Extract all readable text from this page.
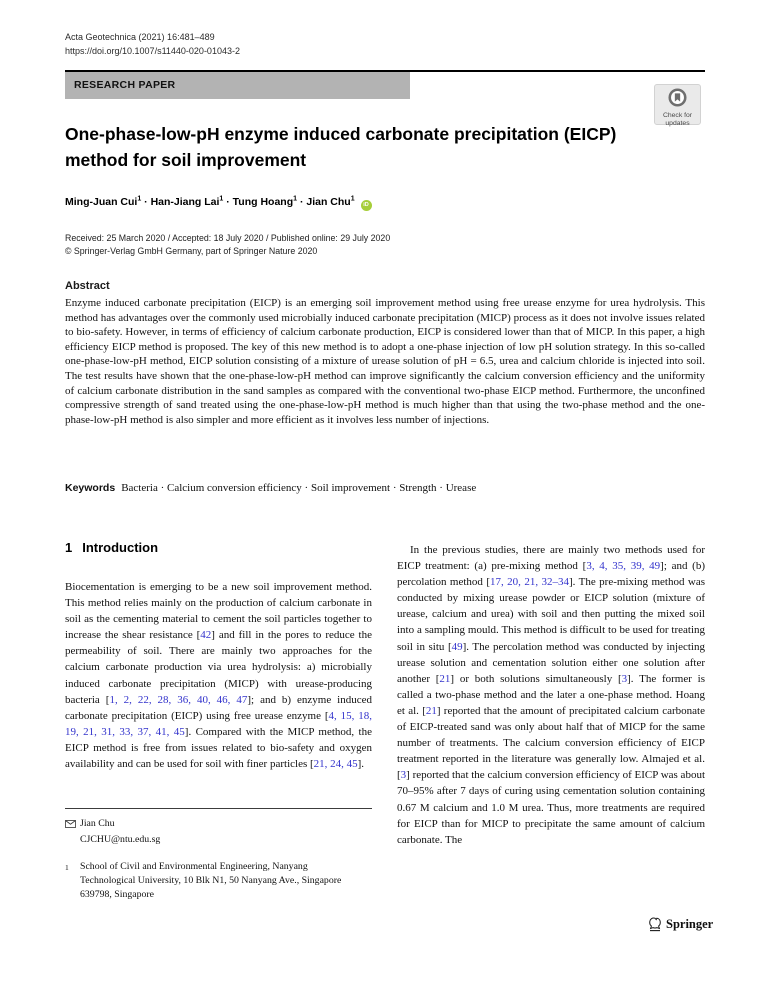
Acta Geotechnica (2021) 16:481–489
https://doi.org/10.1007/s11440-020-01043-2
RESEARCH PAPER
Check for
updates
One-phase-low-pH enzyme induced carbonate precipitation (EICP) method for soil improvement
Ming-Juan Cui$^1$ · Han-Jiang Lai$^1$ · Tung Hoang$^1$ · Jian Chu$^1$ iD
Received: 25 March 2020 / Accepted: 18 July 2020 / Published online: 29 July 2020
© Springer-Verlag GmbH Germany, part of Springer Nature 2020
Abstract
Enzyme induced carbonate precipitation (EICP) is an emerging soil improvement method using free urease enzyme for urea hydrolysis. This method has advantages over the commonly used microbially induced carbonate precipitation (MICP) process as it does not involve issues related to bio-safety. However, in terms of efficiency of calcium carbonate production, EICP is considered lower than that of MICP. In this paper, a high efficiency EICP method is proposed. The key of this new method is to adopt a one-phase injection of low pH solution strategy. In this so-called one-phase-low-pH method, EICP solution consisting of a mixture of urease solution of pH = 6.5, urea and calcium chloride is injected into soil. The test results have shown that the one-phase-low-pH method can improve significantly the calcium conversion efficiency and the uniformity of calcium carbonate distribution in the sand samples as compared with the conventional two-phase EICP method. Furthermore, the unconfined compressive strength of sand treated using the one-phase-low-pH method is much higher than that using the two-phase method and the one-phase-low-pH method is also simpler and more efficient as it involves less number of injections.
Keywords Bacteria · Calcium conversion efficiency · Soil improvement · Strength · Urease
1 Introduction

Biocementation is emerging to be a new soil improvement method. This method relies mainly on the production of calcium carbonate in soil as the cementing material to cement the soil particles together to increase the shear resistance [42] and fill in the pores to reduce the permeability of soil. There are mainly two approaches for the calcium carbonate production via urea hydrolysis: a) microbially induced carbonate precipitation (MICP) with urease-producing bacteria [1, 2, 22, 28, 36, 40, 46, 47]; and b) enzyme induced carbonate precipitation (EICP) using free urease enzyme [4, 15, 18, 19, 21, 31, 33, 37, 41, 45]. Compared with the MICP method, the EICP method is free from issues related to bio-safety and oxygen availability and can be used for soil with finer particles [21, 24, 45].

In the previous studies, there are mainly two methods used for EICP treatment: (a) pre-mixing method [3, 4, 35, 39, 49]; and (b) percolation method [17, 20, 21, 32–34]. The pre-mixing method was conducted by mixing urease powder or EICP solution (mixture of urease, calcium and urea) with soil and then putting the mixed soil into a sampling mould. This method is difficult to be used for treating soil in situ [49]. The percolation method was conducted by injecting urease solution and cementation solution either one solution after another [21] or both solutions simultaneously [3]. The former is called a two-phase method and the later a one-phase method. Hoang et al. [21] reported that the amount of precipitated calcium carbonate of EICP-treated sand was only about half that of MICP for the same number of treatments. The calcium conversion efficiency of EICP treatment reported in the literature was generally low. Almajed et al. [3] reported that the calcium conversion efficiency of EICP was about 70–95% after 7 days of curing using cementation solution containing 0.67 M calcium and 1.0 M urea. Thus, more treatments are required for EICP than for MICP to precipitate the same amount of calcium carbonate. The

Jian Chu
CJCHU@ntu.edu.sg
1	School of Civil and Environmental Engineering, Nanyang Technological University, 10 Blk N1, 50 Nanyang Ave., Singapore 639798, Singapore
Springer
